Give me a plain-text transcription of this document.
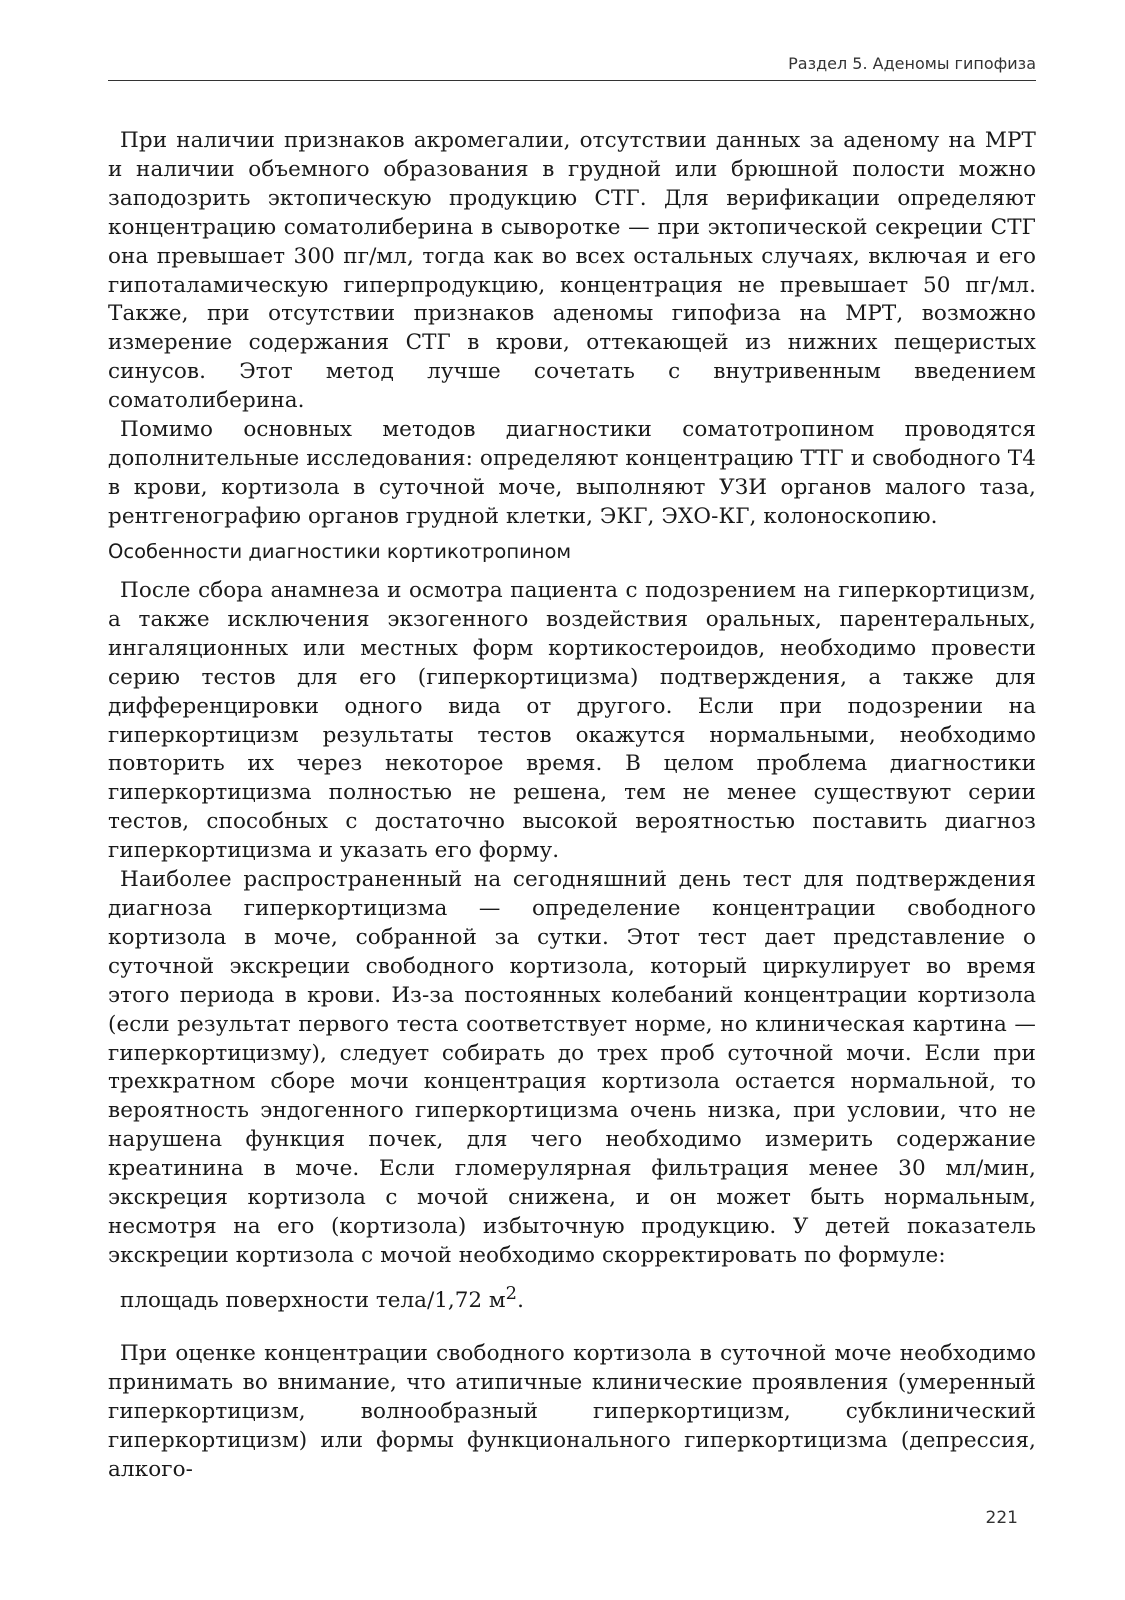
Раздел 5. Аденомы гипофиза

При наличии признаков акромегалии, отсутствии данных за аденому на МРТ и наличии объемного образования в грудной или брюшной полости можно заподозрить эктопическую продукцию СТГ. Для верификации определяют концентрацию соматолиберина в сыворотке — при эктопической секреции СТГ она превышает 300 пг/мл, тогда как во всех остальных случаях, включая и его гипоталамическую гиперпродукцию, концентрация не превышает 50 пг/мл. Также, при отсутствии признаков аденомы гипофиза на МРТ, возможно измерение содержания СТГ в крови, оттекающей из нижних пещеристых синусов. Этот метод лучше сочетать с внутривенным введением соматолиберина.

Помимо основных методов диагностики соматотропином проводятся дополнительные исследования: определяют концентрацию ТТГ и свободного Т4 в крови, кортизола в суточной моче, выполняют УЗИ органов малого таза, рентгенографию органов грудной клетки, ЭКГ, ЭХО-КГ, колоноскопию.

Особенности диагностики кортикотропином

После сбора анамнеза и осмотра пациента с подозрением на гиперкортицизм, а также исключения экзогенного воздействия оральных, парентеральных, ингаляционных или местных форм кортикостероидов, необходимо провести серию тестов для его (гиперкортицизма) подтверждения, а также для дифференцировки одного вида от другого. Если при подозрении на гиперкортицизм результаты тестов окажутся нормальными, необходимо повторить их через некоторое время. В целом проблема диагностики гиперкортицизма полностью не решена, тем не менее существуют серии тестов, способных с достаточно высокой вероятностью поставить диагноз гиперкортицизма и указать его форму.

Наиболее распространенный на сегодняшний день тест для подтверждения диагноза гиперкортицизма — определение концентрации свободного кортизола в моче, собранной за сутки. Этот тест дает представление о суточной экскреции свободного кортизола, который циркулирует во время этого периода в крови. Из-за постоянных колебаний концентрации кортизола (если результат первого теста соответствует норме, но клиническая картина — гиперкортицизму), следует собирать до трех проб суточной мочи. Если при трехкратном сборе мочи концентрация кортизола остается нормальной, то вероятность эндогенного гиперкортицизма очень низка, при условии, что не нарушена функция почек, для чего необходимо измерить содержание креатинина в моче. Если гломерулярная фильтрация менее 30 мл/мин, экскреция кортизола с мочой снижена, и он может быть нормальным, несмотря на его (кортизола) избыточную продукцию. У детей показатель экскреции кортизола с мочой необходимо скорректировать по формуле:

площадь поверхности тела/1,72 $м^2$.

При оценке концентрации свободного кортизола в суточной моче необходимо принимать во внимание, что атипичные клинические проявления (умеренный гиперкортицизм, волнообразный гиперкортицизм, субклинический гиперкортицизм) или формы функционального гиперкортицизма (депрессия, алкого-

221
